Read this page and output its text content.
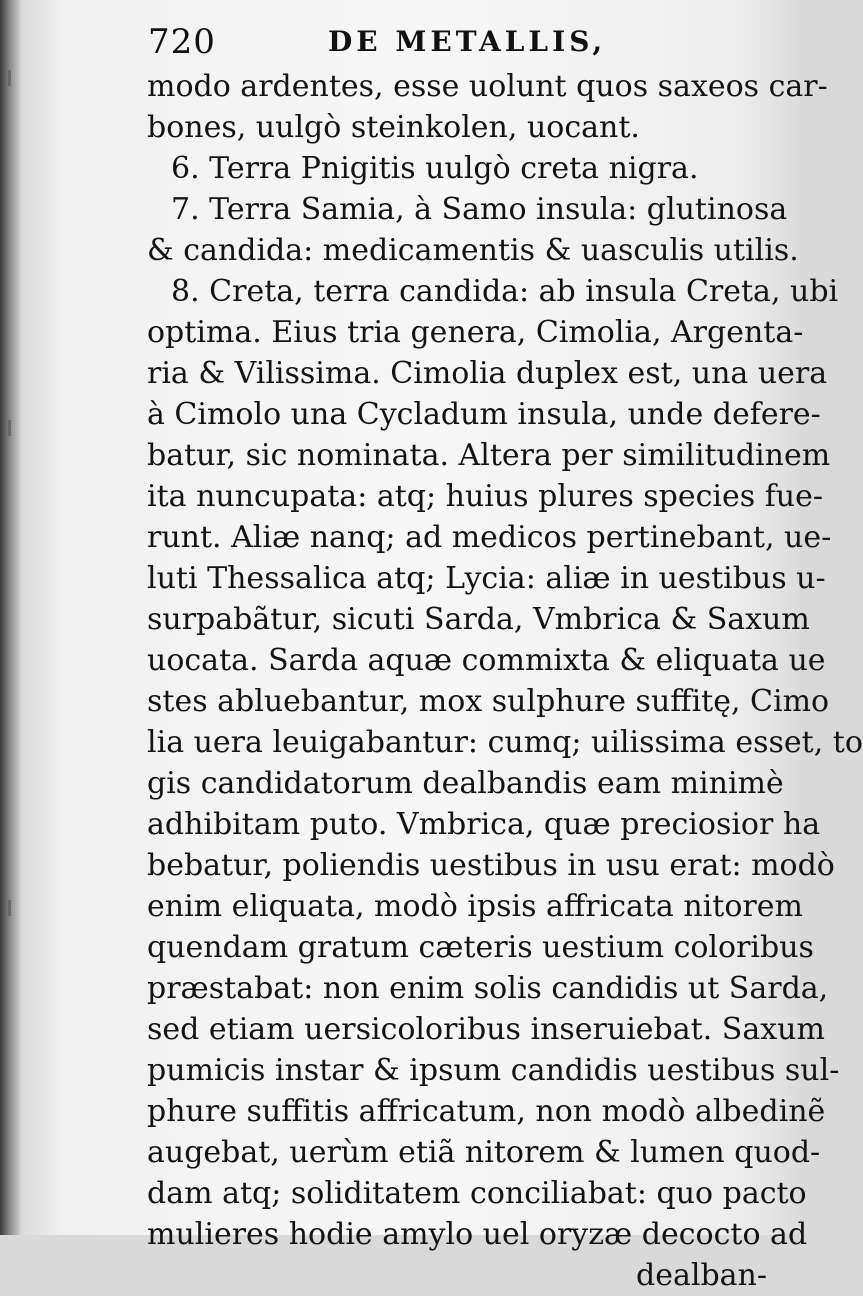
720	DE METALLIS,
modo ardentes, esse uolunt quos saxeos car-
bones, uulgò steinkolen, uocant.
6. Terra Pnigitis uulgò creta nigra.
7. Terra Samia, à Samo insula: glutinosa
& candida: medicamentis & uasculis utilis.
8. Creta, terra candida: ab insula Creta, ubi
optima. Eius tria genera, Cimolia, Argenta-
ria & Vilissima. Cimolia duplex est, una uera
à Cimolo una Cycladum insula, unde defere-
batur, sic nominata. Altera per similitudinem
ita nuncupata: atq; huius plures species fue-
runt. Aliæ nanq; ad medicos pertinebant, ue-
luti Thessalica atq; Lycia: aliæ in uestibus u-
surpabãtur, sicuti Sarda, Vmbrica & Saxum
uocata. Sarda aquæ commixta & eliquata ue
stes abluebantur, mox sulphure suffitę, Cimo
lia uera leuigabantur: cumq; uilissima esset, to
gis candidatorum dealbandis eam minimè
adhibitam puto. Vmbrica, quæ preciosior ha
bebatur, poliendis uestibus in usu erat: modò
enim eliquata, modò ipsis affricata nitorem
quendam gratum cæteris uestium coloribus
præstabat: non enim solis candidis ut Sarda,
sed etiam uersicoloribus inseruiebat. Saxum
pumicis instar & ipsum candidis uestibus sul-
phure suffitis affricatum, non modò albedinẽ
augebat, uerùm etiã nitorem & lumen quod-
dam atq; soliditatem conciliabat: quo pacto
mulieres hodie amylo uel oryzæ decocto ad
dealban-
